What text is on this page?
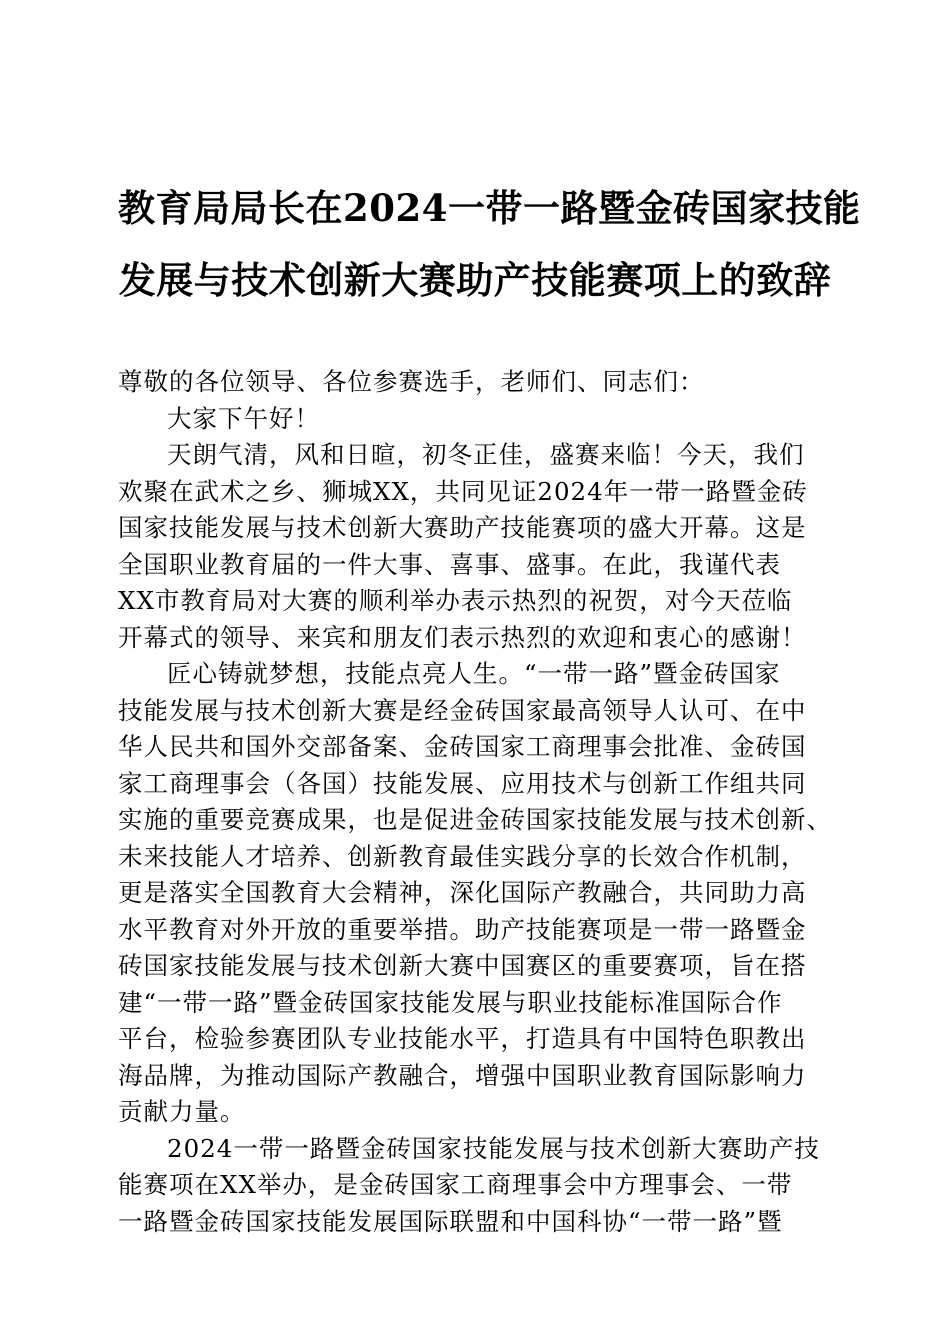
教育局局长在2024一带一路暨金砖国家技能
发展与技术创新大赛助产技能赛项上的致辞

尊敬的各位领导、各位参赛选手，老师们、同志们：

大家下午好！

天朗气清，风和日暄，初冬正佳，盛赛来临！今天，我们
欢聚在武术之乡、狮城XX，共同见证2024年一带一路暨金砖
国家技能发展与技术创新大赛助产技能赛项的盛大开幕。这是
全国职业教育届的一件大事、喜事、盛事。在此，我谨代表
XX市教育局对大赛的顺利举办表示热烈的祝贺，对今天莅临
开幕式的领导、来宾和朋友们表示热烈的欢迎和衷心的感谢！

匠心铸就梦想，技能点亮人生。“一带一路”暨金砖国家
技能发展与技术创新大赛是经金砖国家最高领导人认可、在中
华人民共和国外交部备案、金砖国家工商理事会批准、金砖国
家工商理事会（各国）技能发展、应用技术与创新工作组共同
实施的重要竞赛成果，也是促进金砖国家技能发展与技术创新、
未来技能人才培养、创新教育最佳实践分享的长效合作机制，
更是落实全国教育大会精神，深化国际产教融合，共同助力高
水平教育对外开放的重要举措。助产技能赛项是一带一路暨金
砖国家技能发展与技术创新大赛中国赛区的重要赛项，旨在搭
建“一带一路”暨金砖国家技能发展与职业技能标准国际合作
平台，检验参赛团队专业技能水平，打造具有中国特色职教出
海品牌，为推动国际产教融合，增强中国职业教育国际影响力
贡献力量。

2024一带一路暨金砖国家技能发展与技术创新大赛助产技
能赛项在XX举办，是金砖国家工商理事会中方理事会、一带
一路暨金砖国家技能发展国际联盟和中国科协“一带一路”暨
